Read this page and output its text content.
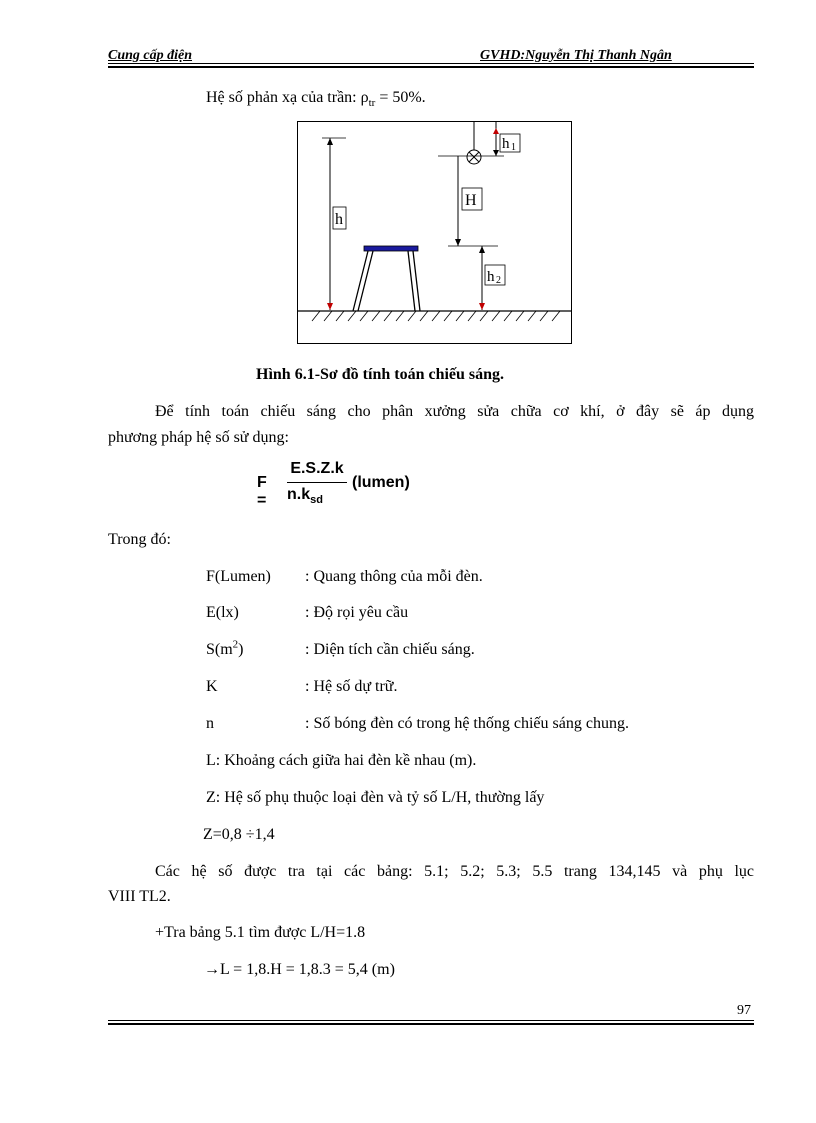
Cung cấp điện	GVHD:Nguyễn Thị Thanh Ngân
Hệ số phản xạ của trần: $\rho_{tr} = 50\%$.
h
h 1
H
h 2
Hình 6.1-Sơ đồ tính toán chiếu sáng.
Để tính toán chiếu sáng cho phân xưởng sửa chữa cơ khí, ở đây sẽ áp dụng
phương pháp hệ số sử dụng:
F =
E.S.Z.k
$n.k_{sd}$
(lumen)
Trong đó:
F(Lumen) : Quang thông của mỗi đèn.
E(lx)	: Độ rọi yêu cầu
$S(m^2)$	: Diện tích cần chiếu sáng.
K	: Hệ số dự trữ.
n	: Số bóng đèn có trong hệ thống chiếu sáng chung.
L: Khoảng cách giữa hai đèn kề nhau (m).
Z: Hệ số phụ thuộc loại đèn và tỷ số L/H, thường lấy
Z=0,8 ÷1,4
Các hệ số được tra tại các bảng: 5.1; 5.2; 5.3; 5.5 trang 134,145 và phụ lục
VIII TL2.
+Tra bảng 5.1 tìm được L/H=1.8
→L = 1,8.H = 1,8.3 = 5,4 (m)
97
